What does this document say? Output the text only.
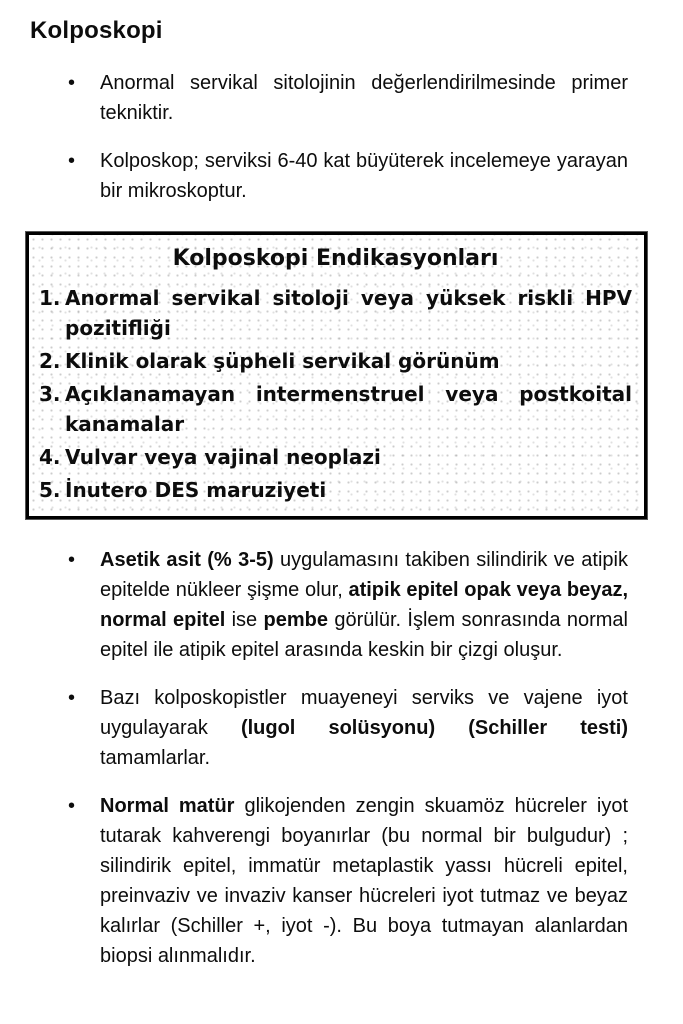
Kolposkopi
•	Anormal servikal sitolojinin değerlendirilmesinde primer tekniktir.
•	Kolposkop; serviksi 6-40 kat büyüterek incelemeye yarayan bir mikroskoptur.
Kolposkopi Endikasyonları
1. Anormal servikal sitoloji veya yüksek riskli HPV pozitifliği
2. Klinik olarak şüpheli servikal görünüm
3. Açıklanamayan intermenstruel veya postkoital kanamalar
4. Vulvar veya vajinal neoplazi
5. İnutero DES maruziyeti
•	Asetik asit (% 3-5) uygulamasını takiben silindirik ve atipik epitelde nükleer şişme olur, atipik epitel opak veya beyaz, normal epitel ise pembe görülür. İşlem sonrasında normal epitel ile atipik epitel arasında keskin bir çizgi oluşur.
•	Bazı kolposkopistler muayeneyi serviks ve vajene iyot uygulayarak (lugol solüsyonu) (Schiller testi) tamamlarlar.
•	Normal matür glikojenden zengin skuamöz hücreler iyot tutarak kahverengi boyanırlar (bu normal bir bulgudur) ; silindirik epitel, immatür metaplastik yassı hücreli epitel, preinvaziv ve invaziv kanser hücreleri iyot tutmaz ve beyaz kalırlar (Schiller +, iyot -). Bu boya tutmayan alanlardan biopsi alınmalıdır.
